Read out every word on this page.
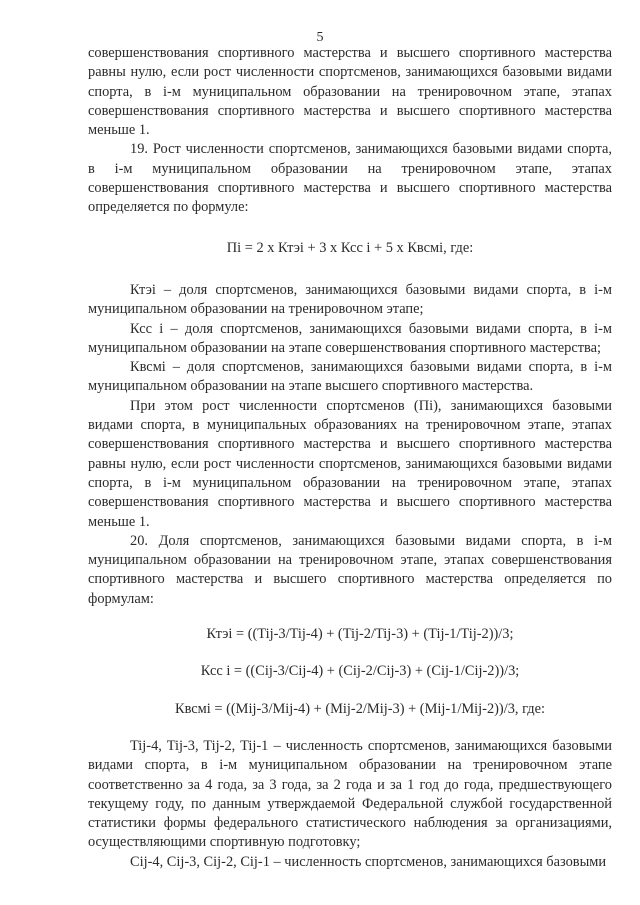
5

совершенствования спортивного мастерства и высшего спортивного мастерства равны нулю, если рост численности спортсменов, занимающихся базовыми видами спорта, в i-м муниципальном образовании на тренировочном этапе, этапах совершенствования спортивного мастерства и высшего спортивного мастерства меньше 1.

19. Рост численности спортсменов, занимающихся базовыми видами спорта, в i-м муниципальном образовании на тренировочном этапе, этапах совершенствования спортивного мастерства и высшего спортивного мастерства определяется по формуле:

Пi = 2 х Ктэi + 3 х Ксс i + 5 х Квсмi, где:

Ктэi – доля спортсменов, занимающихся базовыми видами спорта, в i-м муниципальном образовании на тренировочном этапе;

Ксс i – доля спортсменов, занимающихся базовыми видами спорта, в i-м муниципальном образовании на этапе совершенствования спортивного мастерства;

Квсмi – доля спортсменов, занимающихся базовыми видами спорта, в i-м муниципальном образовании на этапе высшего спортивного мастерства.

При этом рост численности спортсменов (Пi), занимающихся базовыми видами спорта, в муниципальных образованиях на тренировочном этапе, этапах совершенствования спортивного мастерства и высшего спортивного мастерства равны нулю, если рост численности спортсменов, занимающихся базовыми видами спорта, в i-м муниципальном образовании на тренировочном этапе, этапах совершенствования спортивного мастерства и высшего спортивного мастерства меньше 1.

20. Доля спортсменов, занимающихся базовыми видами спорта, в i-м муниципальном образовании на тренировочном этапе, этапах совершенствования спортивного мастерства и высшего спортивного мастерства определяется по формулам:

Ктэi = ((Tij-3/Tij-4) + (Tij-2/Tij-3) + (Tij-1/Tij-2))/3;

Ксс i = ((Cij-3/Cij-4) + (Cij-2/Cij-3) + (Cij-1/Cij-2))/3;

Квсмi = ((Mij-3/Mij-4) + (Mij-2/Mij-3) + (Mij-1/Mij-2))/3, где:

Tij-4, Tij-3, Tij-2, Tij-1 – численность спортсменов, занимающихся базовыми видами спорта, в i-м муниципальном образовании на тренировочном этапе соответственно за 4 года, за 3 года, за 2 года и за 1 год до года, предшествующего текущему году, по данным утверждаемой Федеральной службой государственной статистики формы федерального статистического наблюдения за организациями, осуществляющими спортивную подготовку;

Cij-4, Cij-3, Cij-2, Cij-1 – численность спортсменов, занимающихся базовыми
